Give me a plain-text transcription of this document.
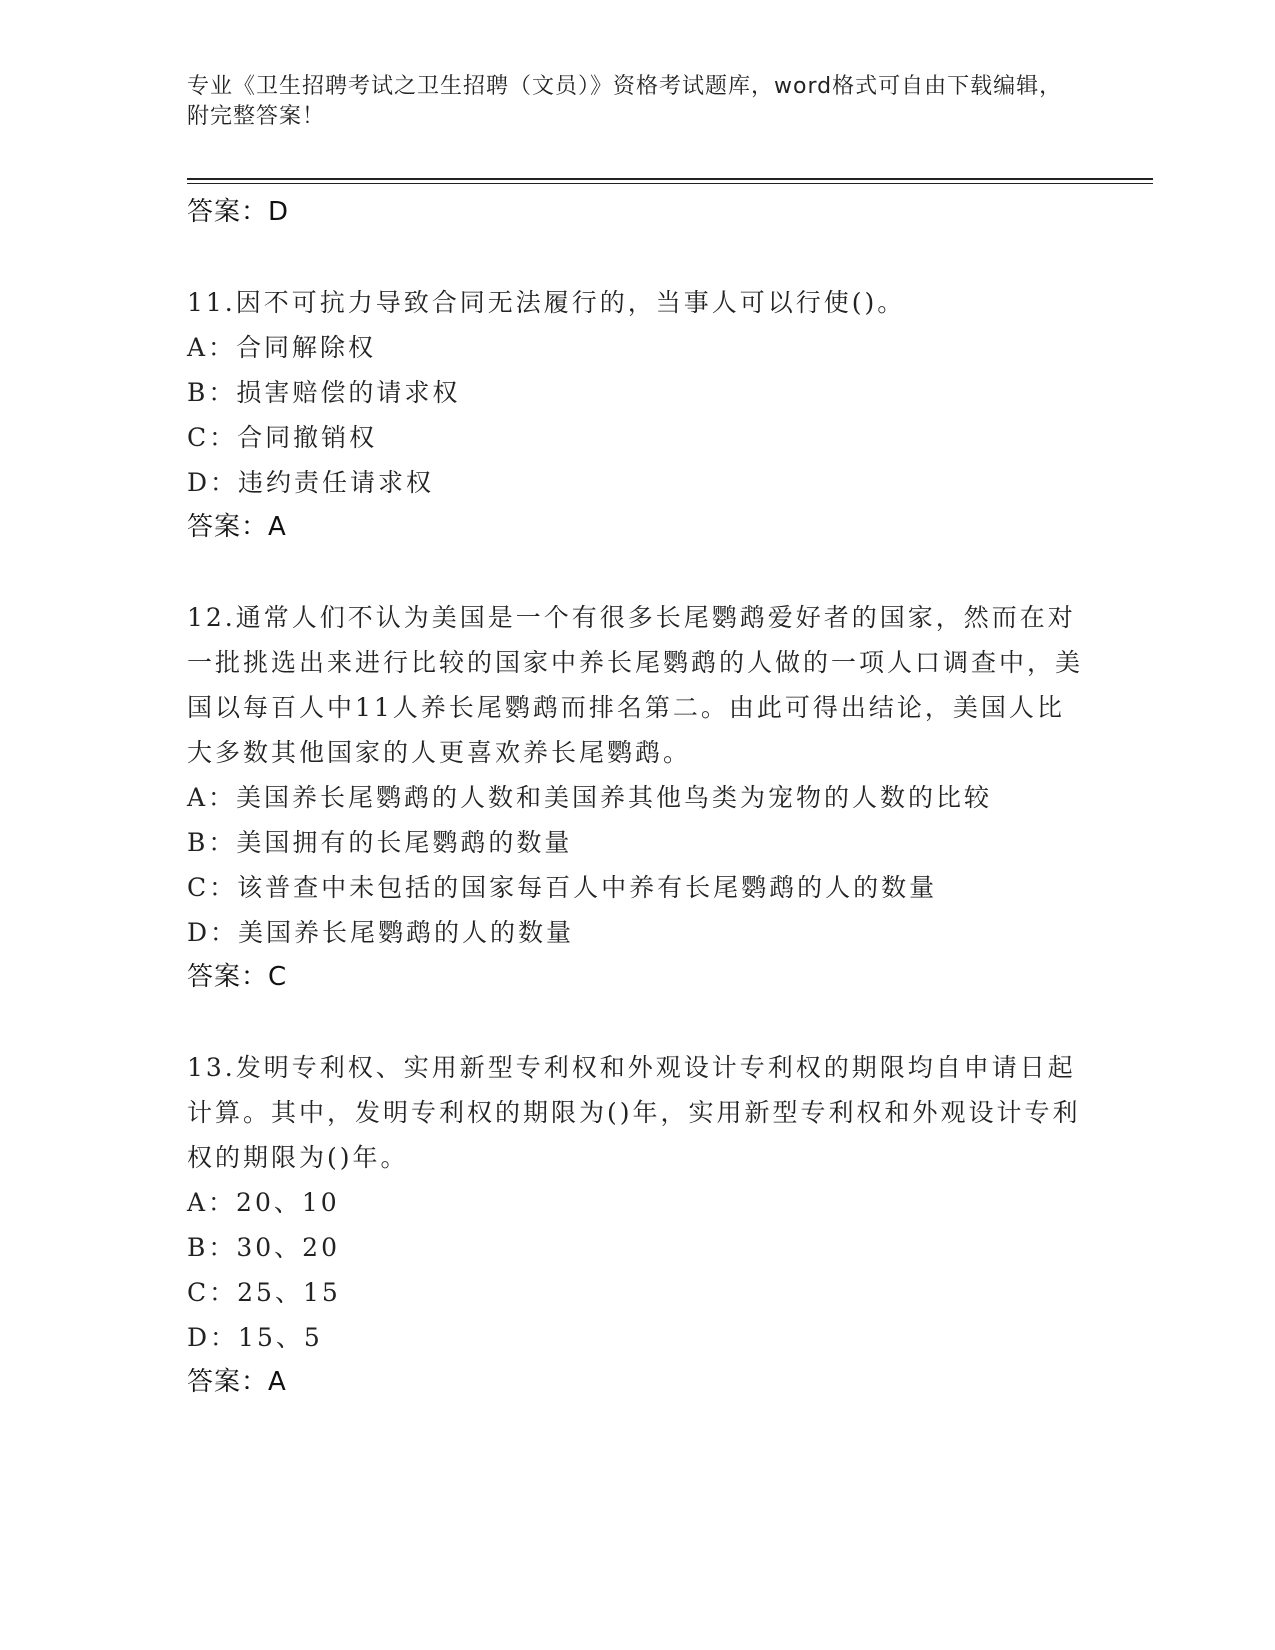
专业《卫生招聘考试之卫生招聘（文员）》资格考试题库，word格式可自由下载编辑，附完整答案！
答案：D
11.因不可抗力导致合同无法履行的，当事人可以行使()。
A：合同解除权
B：损害赔偿的请求权
C：合同撤销权
D：违约责任请求权
答案：A
12.通常人们不认为美国是一个有很多长尾鹦鹉爱好者的国家，然而在对一批挑选出来进行比较的国家中养长尾鹦鹉的人做的一项人口调查中，美国以每百人中11人养长尾鹦鹉而排名第二。由此可得出结论，美国人比大多数其他国家的人更喜欢养长尾鹦鹉。
A：美国养长尾鹦鹉的人数和美国养其他鸟类为宠物的人数的比较
B：美国拥有的长尾鹦鹉的数量
C：该普查中未包括的国家每百人中养有长尾鹦鹉的人的数量
D：美国养长尾鹦鹉的人的数量
答案：C
13.发明专利权、实用新型专利权和外观设计专利权的期限均自申请日起计算。其中，发明专利权的期限为()年，实用新型专利权和外观设计专利权的期限为()年。
A：20、10
B：30、20
C：25、15
D：15、5
答案：A
